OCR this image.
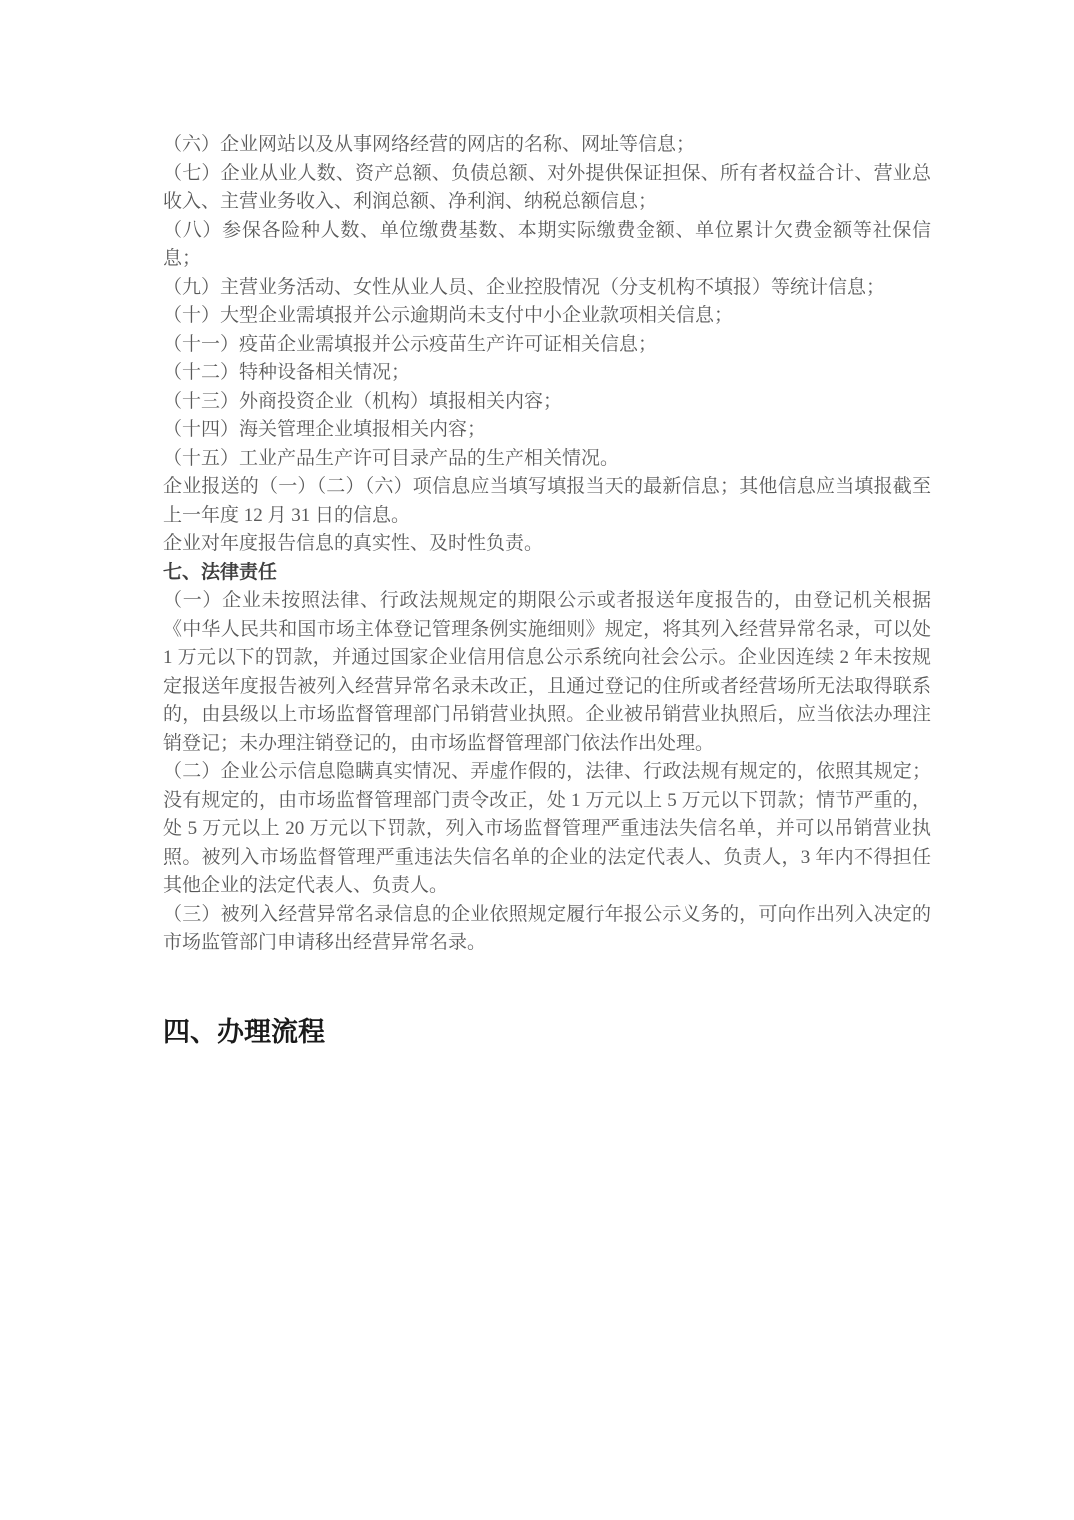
（六）企业网站以及从事网络经营的网店的名称、网址等信息；

（七）企业从业人数、资产总额、负债总额、对外提供保证担保、所有者权益合计、营业总收入、主营业务收入、利润总额、净利润、纳税总额信息；

（八）参保各险种人数、单位缴费基数、本期实际缴费金额、单位累计欠费金额等社保信息；

（九）主营业务活动、女性从业人员、企业控股情况（分支机构不填报）等统计信息；

（十）大型企业需填报并公示逾期尚未支付中小企业款项相关信息；

（十一）疫苗企业需填报并公示疫苗生产许可证相关信息；

（十二）特种设备相关情况；

（十三）外商投资企业（机构）填报相关内容；

（十四）海关管理企业填报相关内容；

（十五）工业产品生产许可目录产品的生产相关情况。

企业报送的（一）（二）（六）项信息应当填写填报当天的最新信息；其他信息应当填报截至上一年度 12 月 31 日的信息。

企业对年度报告信息的真实性、及时性负责。

七、法律责任

（一）企业未按照法律、行政法规规定的期限公示或者报送年度报告的，由登记机关根据《中华人民共和国市场主体登记管理条例实施细则》规定，将其列入经营异常名录，可以处 1 万元以下的罚款，并通过国家企业信用信息公示系统向社会公示。企业因连续 2 年未按规定报送年度报告被列入经营异常名录未改正，且通过登记的住所或者经营场所无法取得联系的，由县级以上市场监督管理部门吊销营业执照。企业被吊销营业执照后，应当依法办理注销登记；未办理注销登记的，由市场监督管理部门依法作出处理。

（二）企业公示信息隐瞒真实情况、弄虚作假的，法律、行政法规有规定的，依照其规定；没有规定的，由市场监督管理部门责令改正，处 1 万元以上 5 万元以下罚款；情节严重的，处 5 万元以上 20 万元以下罚款，列入市场监督管理严重违法失信名单，并可以吊销营业执照。被列入市场监督管理严重违法失信名单的企业的法定代表人、负责人，3 年内不得担任其他企业的法定代表人、负责人。

（三）被列入经营异常名录信息的企业依照规定履行年报公示义务的，可向作出列入决定的市场监管部门申请移出经营异常名录。

四、办理流程
